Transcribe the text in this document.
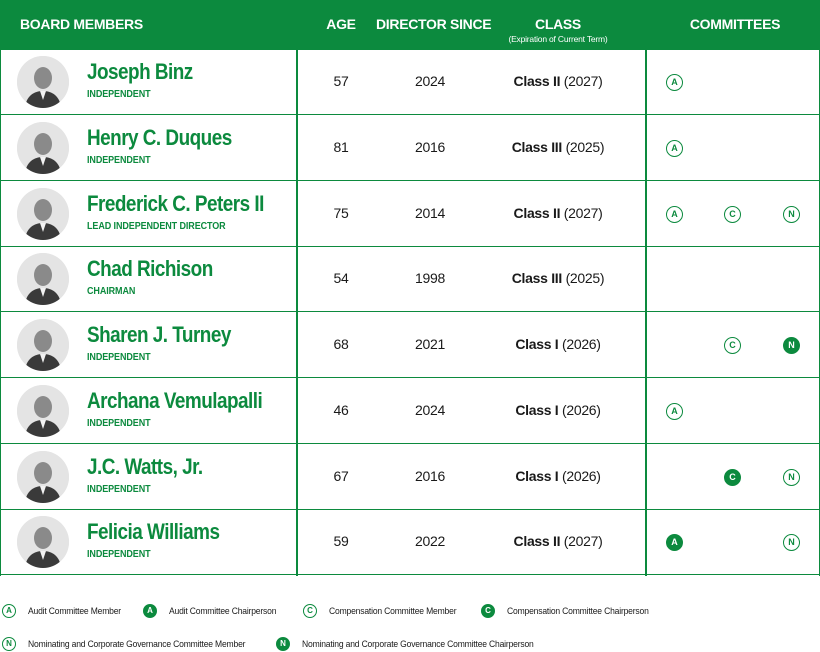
BOARD MEMBERS	AGE	DIRECTOR SINCE	CLASS
(Expiration of Current Term)
COMMITTEES
Joseph Binz
INDEPENDENT
57	2024	Class II (2027)	A
Henry C. Duques
INDEPENDENT
81	2016	Class III (2025)	A
Frederick C. Peters II
LEAD INDEPENDENT DIRECTOR
75	2014	Class II (2027)	A	C	N
Chad Richison
CHAIRMAN
54	1998	Class III (2025)
Sharen J. Turney
INDEPENDENT
68	2021	Class I (2026)	C	N
Archana Vemulapalli
INDEPENDENT
46	2024	Class I (2026)	A
J.C. Watts, Jr.
INDEPENDENT
67	2016	Class I (2026)	C	N
Felicia Williams
INDEPENDENT
59	2022	Class II (2027)	A	N
A	Audit Committee Member	A	Audit Committee Chairperson	C	Compensation Committee Member	C	Compensation Committee Chairperson
N	Nominating and Corporate Governance Committee Member	N	Nominating and Corporate Governance Committee Chairperson
